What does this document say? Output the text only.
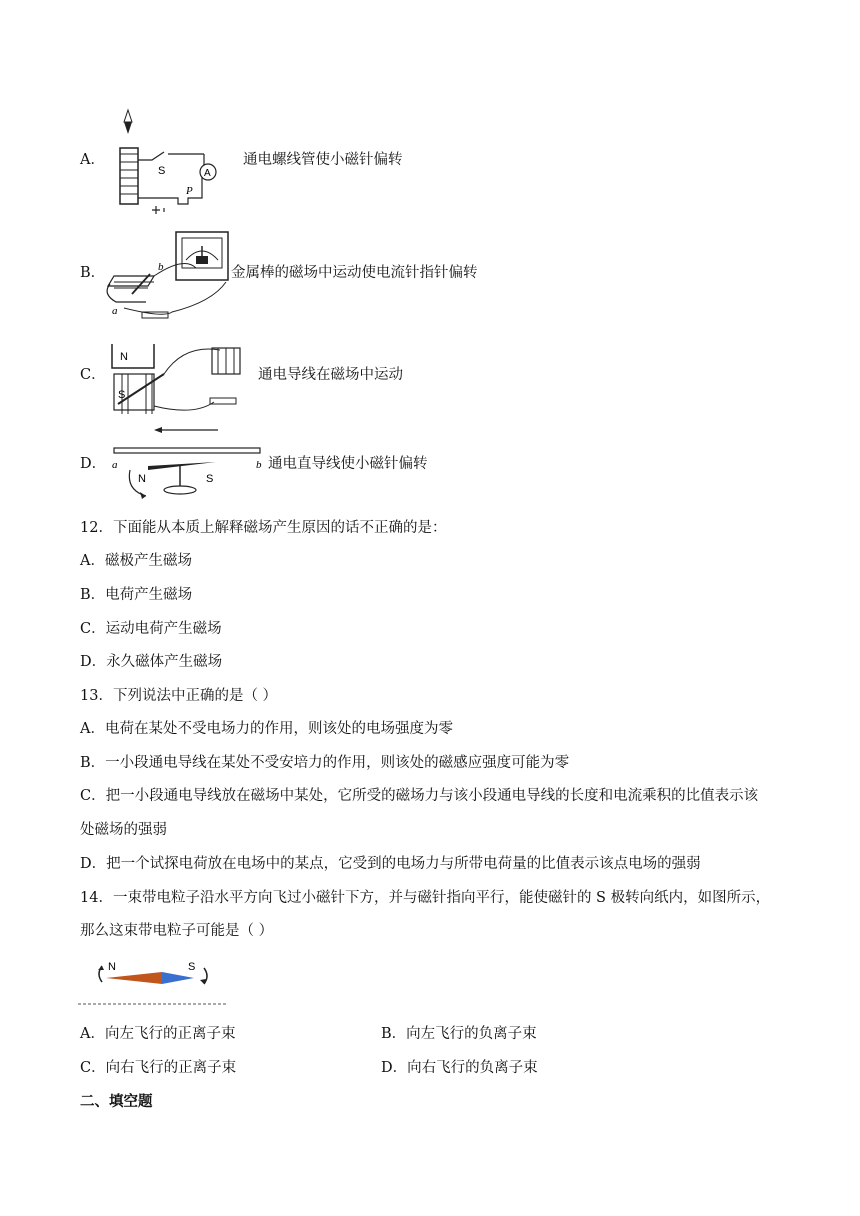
A．
A
S
P
通电螺线管使小磁针偏转
B．	b
a
金属棒的磁场中运动使电流针指针偏转
C．
N
S
通电导线在磁场中运动
D． a	b
N	S
通电直导线使小磁针偏转
12．下面能从本质上解释磁场产生原因的话不正确的是：
A．磁极产生磁场
B．电荷产生磁场
C．运动电荷产生磁场
D．永久磁体产生磁场
13．下列说法中正确的是（ ）
A．电荷在某处不受电场力的作用，则该处的电场强度为零
B．一小段通电导线在某处不受安培力的作用，则该处的磁感应强度可能为零
C．把一小段通电导线放在磁场中某处，它所受的磁场力与该小段通电导线的长度和电流乘积的比值表示该
处磁场的强弱
D．把一个试探电荷放在电场中的某点，它受到的电场力与所带电荷量的比值表示该点电场的强弱
14．一束带电粒子沿水平方向飞过小磁针下方，并与磁针指向平行，能使磁针的 S 极转向纸内，如图所示，
那么这束带电粒子可能是（ ）
N	S
A．向左飞行的正离子束	B．向左飞行的负离子束
C．向右飞行的正离子束	D．向右飞行的负离子束
二、填空题
